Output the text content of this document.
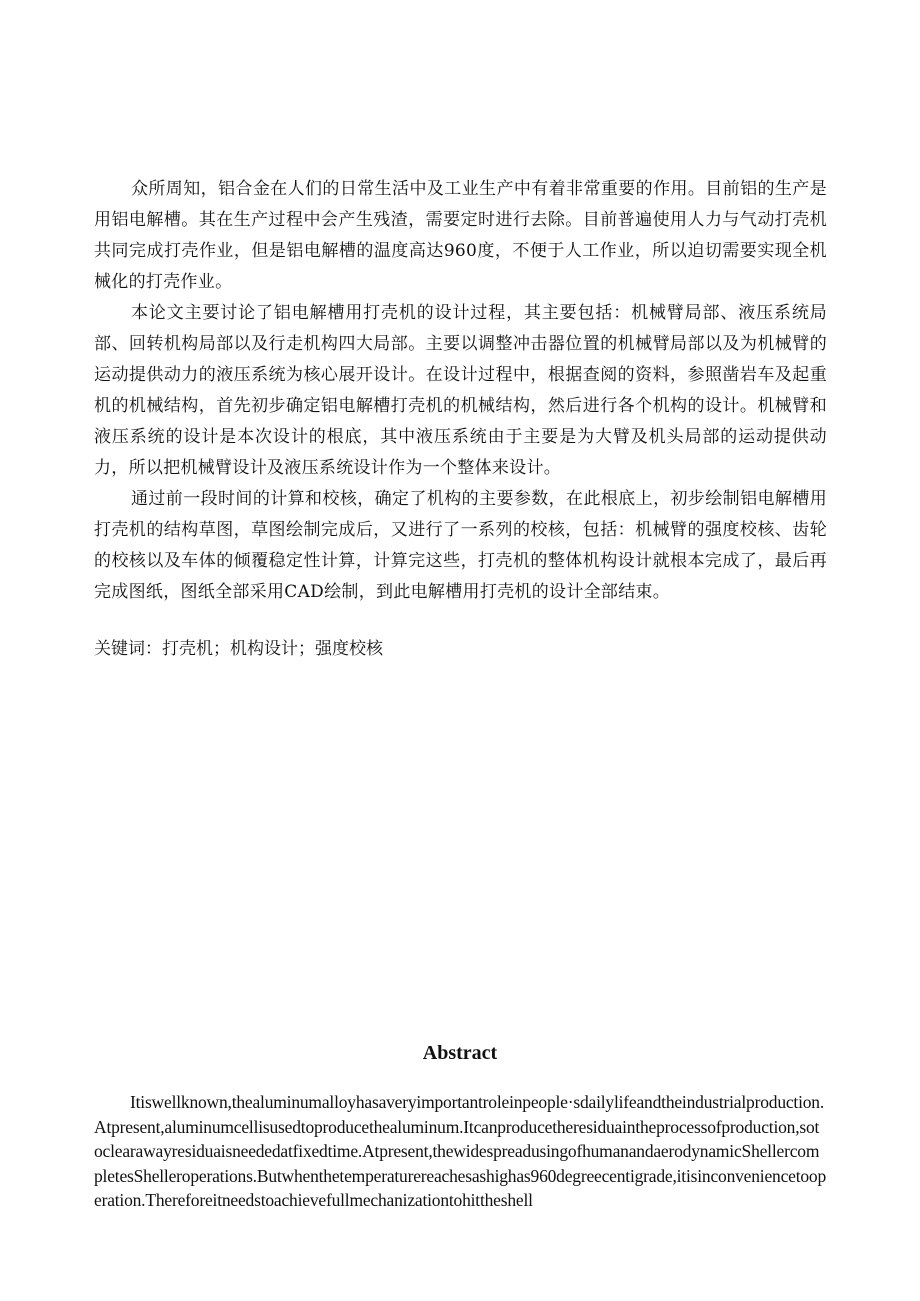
众所周知，铝合金在人们的日常生活中及工业生产中有着非常重要的作用。目前铝的生产是用铝电解槽。其在生产过程中会产生残渣，需要定时进行去除。目前普遍使用人力与气动打壳机共同完成打壳作业，但是铝电解槽的温度高达960度，不便于人工作业，所以迫切需要实现全机械化的打壳作业。

本论文主要讨论了铝电解槽用打壳机的设计过程，其主要包括：机械臂局部、液压系统局部、回转机构局部以及行走机构四大局部。主要以调整冲击器位置的机械臂局部以及为机械臂的运动提供动力的液压系统为核心展开设计。在设计过程中，根据查阅的资料，参照凿岩车及起重机的机械结构，首先初步确定铝电解槽打壳机的机械结构，然后进行各个机构的设计。机械臂和液压系统的设计是本次设计的根底，其中液压系统由于主要是为大臂及机头局部的运动提供动力，所以把机械臂设计及液压系统设计作为一个整体来设计。

通过前一段时间的计算和校核，确定了机构的主要参数，在此根底上，初步绘制铝电解槽用打壳机的结构草图，草图绘制完成后，又进行了一系列的校核，包括：机械臂的强度校核、齿轮的校核以及车体的倾覆稳定性计算，计算完这些，打壳机的整体机构设计就根本完成了，最后再完成图纸，图纸全部采用CAD绘制，到此电解槽用打壳机的设计全部结束。

关键词：打壳机；机构设计；强度校核

Abstract

Itiswellknown,thealuminumalloyhasaveryimportantroleinpeople·sdailylifeandtheindustrialproduction.Atpresent,aluminumcellisusedtoproducethealuminum.Itcanproducetheresiduaintheprocessofproduction,sotoclearawayresiduaisneededatfixedtime.Atpresent,thewidespreadusingofhumanandaerodynamicShellercompletesShelleroperations.Butwhenthetemperaturereachesashighas960degreecentigrade,itisinconveniencetooperation.Thereforeitneedstoachievefullmechanizationtohittheshell
